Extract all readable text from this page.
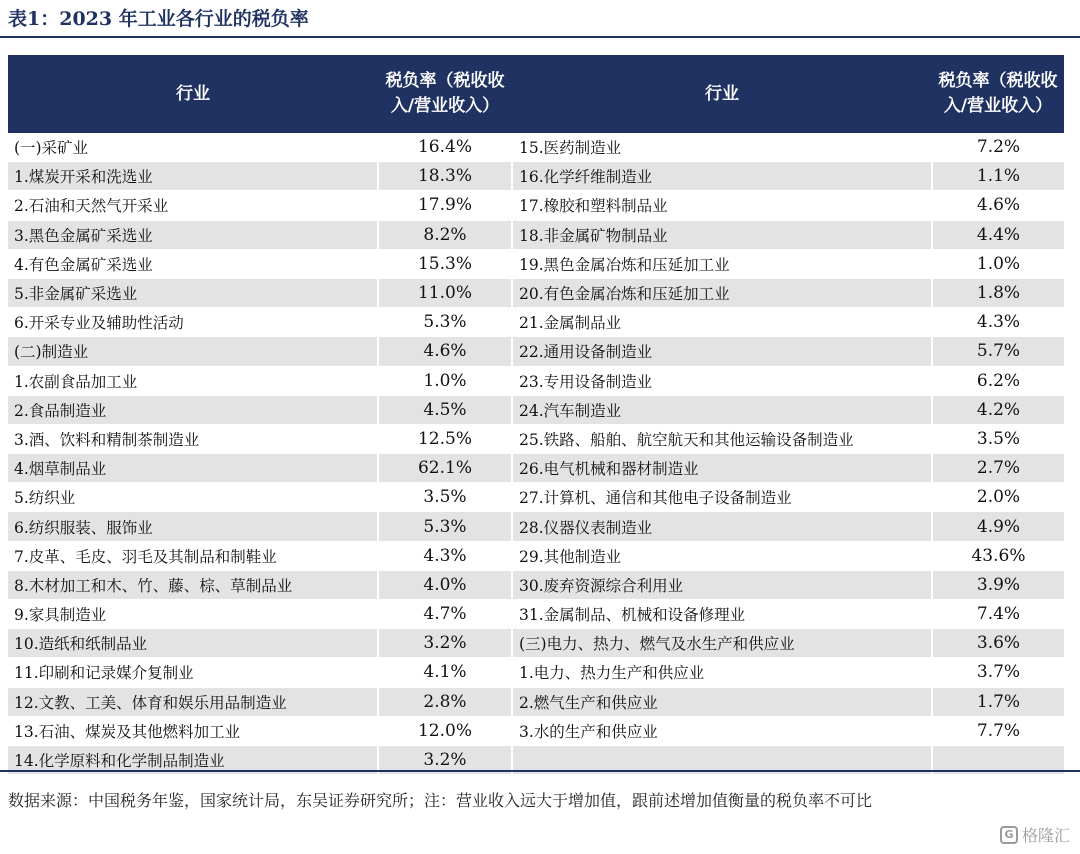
表1：2023 年工业各行业的税负率
行业	税负率（税收收入/营业收入）	行业	税负率（税收收入/营业收入）
(一)采矿业	16.4%	15.医药制造业	7.2%
1.煤炭开采和洗选业	18.3%	16.化学纤维制造业	1.1%
2.石油和天然气开采业	17.9%	17.橡胶和塑料制品业	4.6%
3.黑色金属矿采选业	8.2%	18.非金属矿物制品业	4.4%
4.有色金属矿采选业	15.3%	19.黑色金属冶炼和压延加工业	1.0%
5.非金属矿采选业	11.0%	20.有色金属冶炼和压延加工业	1.8%
6.开采专业及辅助性活动	5.3%	21.金属制品业	4.3%
(二)制造业	4.6%	22.通用设备制造业	5.7%
1.农副食品加工业	1.0%	23.专用设备制造业	6.2%
2.食品制造业	4.5%	24.汽车制造业	4.2%
3.酒、饮料和精制茶制造业	12.5%	25.铁路、船舶、航空航天和其他运输设备制造业	3.5%
4.烟草制品业	62.1%	26.电气机械和器材制造业	2.7%
5.纺织业	3.5%	27.计算机、通信和其他电子设备制造业	2.0%
6.纺织服装、服饰业	5.3%	28.仪器仪表制造业	4.9%
7.皮革、毛皮、羽毛及其制品和制鞋业	4.3%	29.其他制造业	43.6%
8.木材加工和木、竹、藤、棕、草制品业	4.0%	30.废弃资源综合利用业	3.9%
9.家具制造业	4.7%	31.金属制品、机械和设备修理业	7.4%
10.造纸和纸制品业	3.2%	(三)电力、热力、燃气及水生产和供应业	3.6%
11.印刷和记录媒介复制业	4.1%	1.电力、热力生产和供应业	3.7%
12.文教、工美、体育和娱乐用品制造业	2.8%	2.燃气生产和供应业	1.7%
13.石油、煤炭及其他燃料加工业	12.0%	3.水的生产和供应业	7.7%
14.化学原料和化学制品制造业	3.2%		
数据来源：中国税务年鉴，国家统计局，东吴证券研究所；注：营业收入远大于增加值，跟前述增加值衡量的税负率不可比
G 格隆汇
